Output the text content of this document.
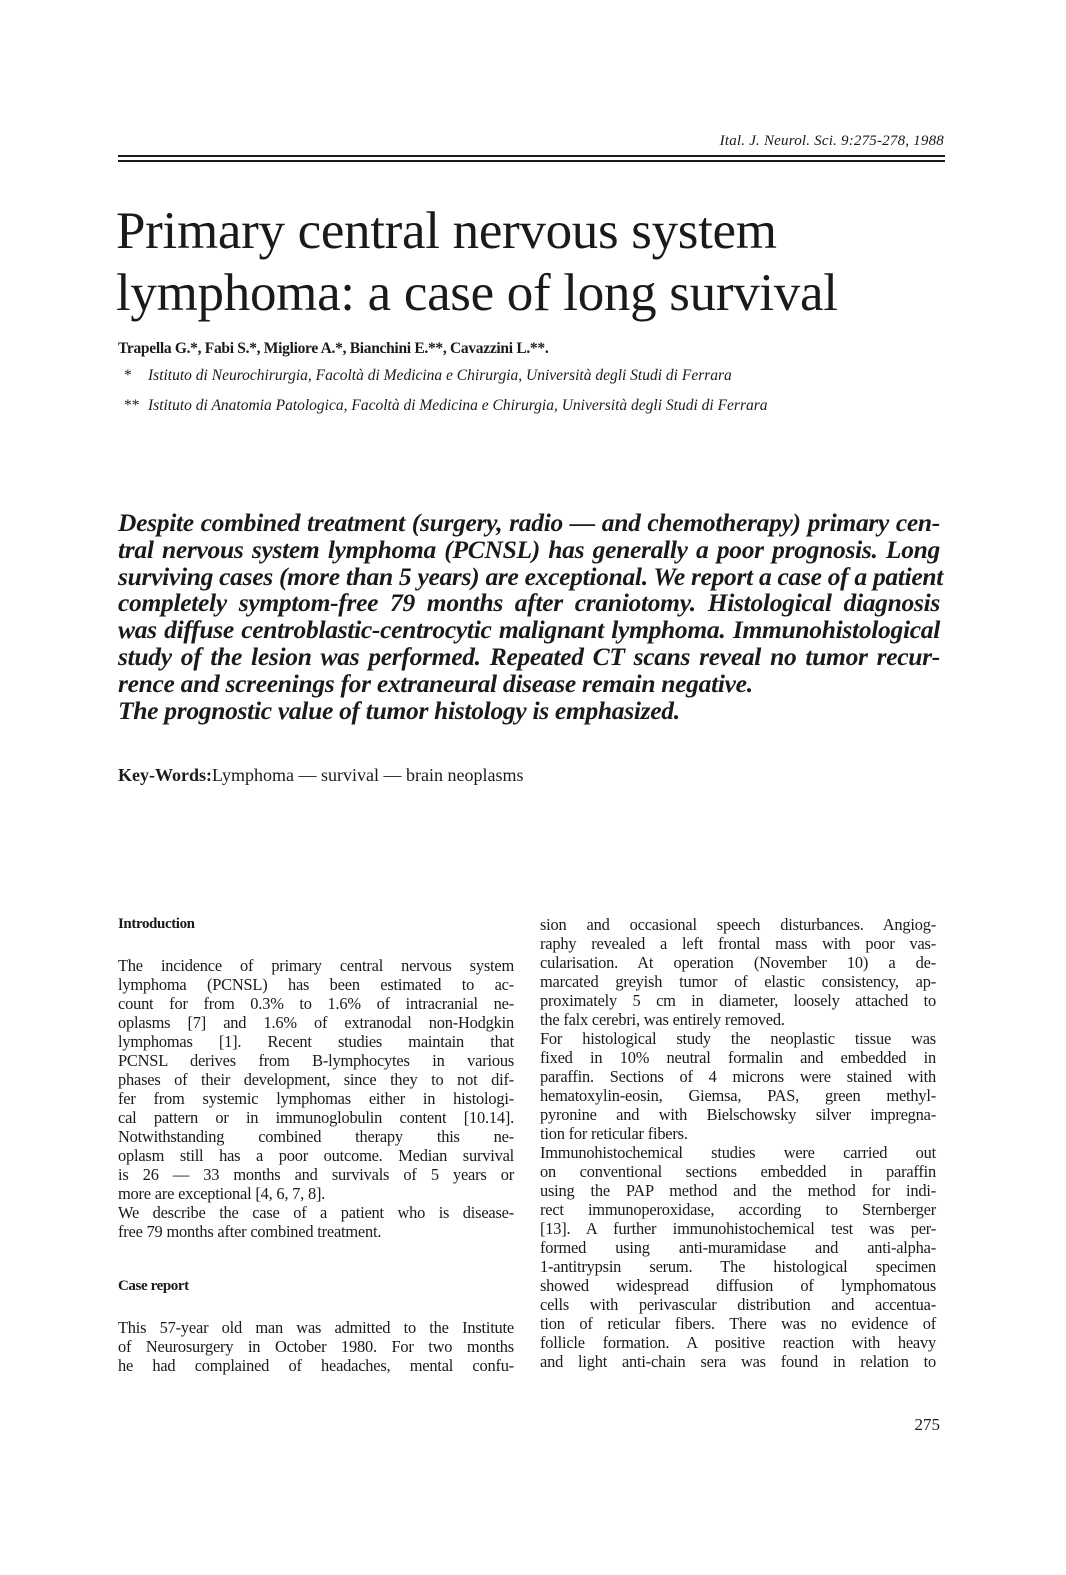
Ital. J. Neurol. Sci. 9:275-278, 1988
Primary central nervous system
lymphoma: a case of long survival
Trapella G.*, Fabi S.*, Migliore A.*, Bianchini E.**, Cavazzini L.**.
* Istituto di Neurochirurgia, Facoltà di Medicina e Chirurgia, Università degli Studi di Ferrara
** Istituto di Anatomia Patologica, Facoltà di Medicina e Chirurgia, Università degli Studi di Ferrara
Despite combined treatment (surgery, radio — and chemotherapy) primary cen-
tral nervous system lymphoma (PCNSL) has generally a poor prognosis. Long
surviving cases (more than 5 years) are exceptional. We report a case of a patient
completely symptom-free 79 months after craniotomy. Histological diagnosis
was diffuse centroblastic-centrocytic malignant lymphoma. Immunohistological
study of the lesion was performed. Repeated CT scans reveal no tumor recur-
rence and screenings for extraneural disease remain negative.
The prognostic value of tumor histology is emphasized.
Key-Words:Lymphoma — survival — brain neoplasms
Introduction
The incidence of primary central nervous system
lymphoma (PCNSL) has been estimated to ac-
count for from 0.3% to 1.6% of intracranial ne-
oplasms [7] and 1.6% of extranodal non-Hodgkin
lymphomas [1]. Recent studies maintain that
PCNSL derives from B-lymphocytes in various
phases of their development, since they to not dif-
fer from systemic lymphomas either in histologi-
cal pattern or in immunoglobulin content [10.14].
Notwithstanding combined therapy this ne-
oplasm still has a poor outcome. Median survival
is 26 — 33 months and survivals of 5 years or
more are exceptional [4, 6, 7, 8].
We describe the case of a patient who is disease-
free 79 months after combined treatment.
Case report
This 57-year old man was admitted to the Institute
of Neurosurgery in October 1980. For two months
he had complained of headaches, mental confu-
sion and occasional speech disturbances. Angiog-
raphy revealed a left frontal mass with poor vas-
cularisation. At operation (November 10) a de-
marcated greyish tumor of elastic consistency, ap-
proximately 5 cm in diameter, loosely attached to
the falx cerebri, was entirely removed.
For histological study the neoplastic tissue was
fixed in 10% neutral formalin and embedded in
paraffin. Sections of 4 microns were stained with
hematoxylin-eosin, Giemsa, PAS, green methyl-
pyronine and with Bielschowsky silver impregna-
tion for reticular fibers.
Immunohistochemical studies were carried out
on conventional sections embedded in paraffin
using the PAP method and the method for indi-
rect immunoperoxidase, according to Sternberger
[13]. A further immunohistochemical test was per-
formed using anti-muramidase and anti-alpha-
1-antitrypsin serum. The histological specimen
showed widespread diffusion of lymphomatous
cells with perivascular distribution and accentua-
tion of reticular fibers. There was no evidence of
follicle formation. A positive reaction with heavy
and light anti-chain sera was found in relation to
275
